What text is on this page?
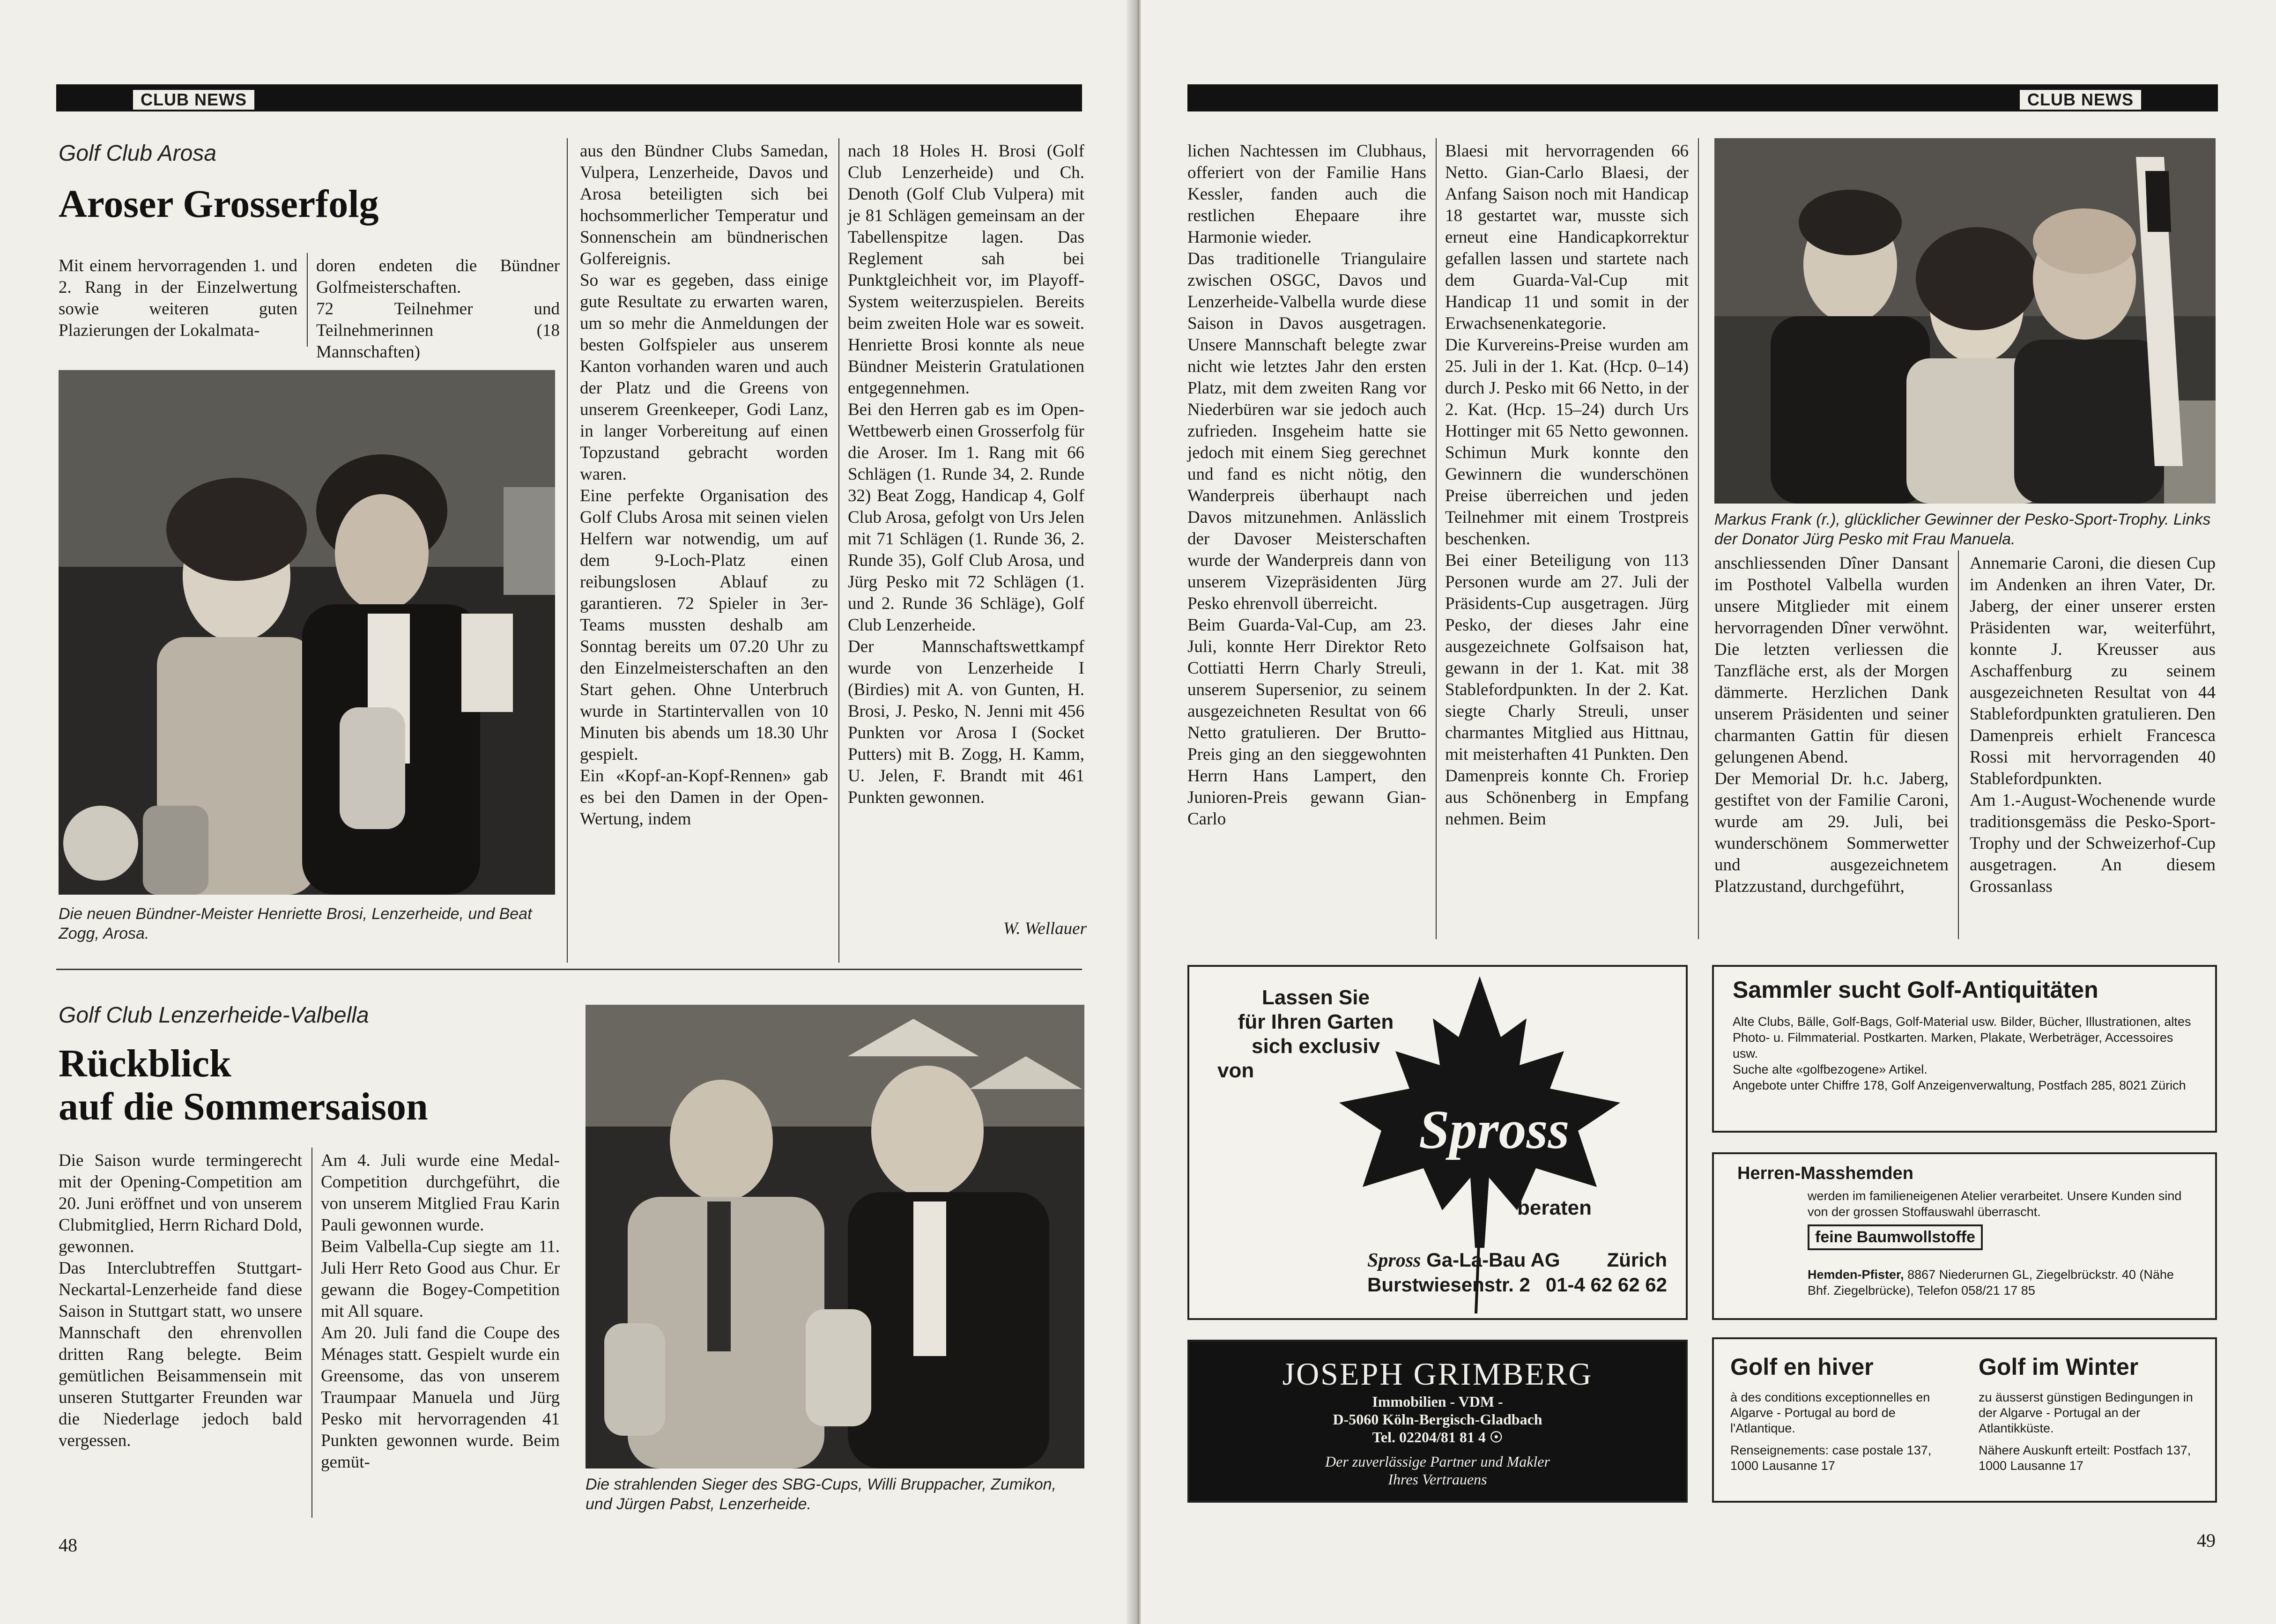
CLUB NEWS
Golf Club Arosa
Aroser Grosserfolg
Mit einem hervorragenden 1. und 2. Rang in der Einzelwertung sowie weiteren guten Plazierungen der Lokalmata-
doren endeten die Bündner Golfmeisterschaften.
72 Teilnehmer und Teilnehmerinnen (18 Mannschaften)
Die neuen Bündner-Meister Henriette Brosi, Lenzerheide, und Beat Zogg, Arosa.
aus den Bündner Clubs Samedan, Vulpera, Lenzerheide, Davos und Arosa beteiligten sich bei hochsommerlicher Temperatur und Sonnenschein am bündnerischen Golfereignis.
So war es gegeben, dass einige gute Resultate zu erwarten waren, um so mehr die Anmeldungen der besten Golfspieler aus unserem Kanton vorhanden waren und auch der Platz und die Greens von unserem Greenkeeper, Godi Lanz, in langer Vorbereitung auf einen Topzustand gebracht worden waren.
Eine perfekte Organisation des Golf Clubs Arosa mit seinen vielen Helfern war notwendig, um auf dem 9-Loch-Platz einen reibungslosen Ablauf zu garantieren. 72 Spieler in 3er-Teams mussten deshalb am Sonntag bereits um 07.20 Uhr zu den Einzelmeisterschaften an den Start gehen. Ohne Unterbruch wurde in Startintervallen von 10 Minuten bis abends um 18.30 Uhr gespielt.
Ein «Kopf-an-Kopf-Rennen» gab es bei den Damen in der Open-Wertung, indem
nach 18 Holes H. Brosi (Golf Club Lenzerheide) und Ch. Denoth (Golf Club Vulpera) mit je 81 Schlägen gemeinsam an der Tabellenspitze lagen. Das Reglement sah bei Punktgleichheit vor, im Playoff-System weiterzuspielen. Bereits beim zweiten Hole war es soweit. Henriette Brosi konnte als neue Bündner Meisterin Gratulationen entgegennehmen.
Bei den Herren gab es im Open-Wettbewerb einen Grosserfolg für die Aroser. Im 1. Rang mit 66 Schlägen (1. Runde 34, 2. Runde 32) Beat Zogg, Handicap 4, Golf Club Arosa, gefolgt von Urs Jelen mit 71 Schlägen (1. Runde 36, 2. Runde 35), Golf Club Arosa, und Jürg Pesko mit 72 Schlägen (1. und 2. Runde 36 Schläge), Golf Club Lenzerheide.
Der Mannschaftswettkampf wurde von Lenzerheide I (Birdies) mit A. von Gunten, H. Brosi, J. Pesko, N. Jenni mit 456 Punkten vor Arosa I (Socket Putters) mit B. Zogg, H. Kamm, U. Jelen, F. Brandt mit 461 Punkten gewonnen.
W. Wellauer
Golf Club Lenzerheide-Valbella
Rückblick
auf die Sommersaison
Die Saison wurde termingerecht mit der Opening-Competition am 20. Juni eröffnet und von unserem Clubmitglied, Herrn Richard Dold, gewonnen.
Das Interclubtreffen Stuttgart-Neckartal-Lenzerheide fand diese Saison in Stuttgart statt, wo unsere Mannschaft den ehrenvollen dritten Rang belegte. Beim gemütlichen Beisammensein mit unseren Stuttgarter Freunden war die Niederlage jedoch bald vergessen.
Am 4. Juli wurde eine Medal-Competition durchgeführt, die von unserem Mitglied Frau Karin Pauli gewonnen wurde.
Beim Valbella-Cup siegte am 11. Juli Herr Reto Good aus Chur. Er gewann die Bogey-Competition mit All square.
Am 20. Juli fand die Coupe des Ménages statt. Gespielt wurde ein Greensome, das von unserem Traumpaar Manuela und Jürg Pesko mit hervorragenden 41 Punkten gewonnen wurde. Beim gemüt-
Die strahlenden Sieger des SBG-Cups, Willi Bruppacher, Zumikon, und Jürgen Pabst, Lenzerheide.
48
CLUB NEWS
lichen Nachtessen im Clubhaus, offeriert von der Familie Hans Kessler, fanden auch die restlichen Ehepaare ihre Harmonie wieder.
Das traditionelle Triangulaire zwischen OSGC, Davos und Lenzerheide-Valbella wurde diese Saison in Davos ausgetragen. Unsere Mannschaft belegte zwar nicht wie letztes Jahr den ersten Platz, mit dem zweiten Rang vor Niederbüren war sie jedoch auch zufrieden. Insgeheim hatte sie jedoch mit einem Sieg gerechnet und fand es nicht nötig, den Wanderpreis überhaupt nach Davos mitzunehmen. Anlässlich der Davoser Meisterschaften wurde der Wanderpreis dann von unserem Vizepräsidenten Jürg Pesko ehrenvoll überreicht.
Beim Guarda-Val-Cup, am 23. Juli, konnte Herr Direktor Reto Cottiatti Herrn Charly Streuli, unserem Supersenior, zu seinem ausgezeichneten Resultat von 66 Netto gratulieren. Der Brutto-Preis ging an den sieggewohnten Herrn Hans Lampert, den Junioren-Preis gewann Gian-Carlo
Blaesi mit hervorragenden 66 Netto. Gian-Carlo Blaesi, der Anfang Saison noch mit Handicap 18 gestartet war, musste sich erneut eine Handicapkorrektur gefallen lassen und startete nach dem Guarda-Val-Cup mit Handicap 11 und somit in der Erwachsenenkategorie.
Die Kurvereins-Preise wurden am 25. Juli in der 1. Kat. (Hcp. 0–14) durch J. Pesko mit 66 Netto, in der 2. Kat. (Hcp. 15–24) durch Urs Hottinger mit 65 Netto gewonnen. Schimun Murk konnte den Gewinnern die wunderschönen Preise überreichen und jeden Teilnehmer mit einem Trostpreis beschenken.
Bei einer Beteiligung von 113 Personen wurde am 27. Juli der Präsidents-Cup ausgetragen. Jürg Pesko, der dieses Jahr eine ausgezeichnete Golfsaison hat, gewann in der 1. Kat. mit 38 Stablefordpunkten. In der 2. Kat. siegte Charly Streuli, unser charmantes Mitglied aus Hittnau, mit meisterhaften 41 Punkten. Den Damenpreis konnte Ch. Froriep aus Schönenberg in Empfang nehmen. Beim
Markus Frank (r.), glücklicher Gewinner der Pesko-Sport-Trophy. Links der Donator Jürg Pesko mit Frau Manuela.
anschliessenden Dîner Dansant im Posthotel Valbella wurden unsere Mitglieder mit einem hervorragenden Dîner verwöhnt. Die letzten verliessen die Tanzfläche erst, als der Morgen dämmerte. Herzlichen Dank unserem Präsidenten und seiner charmanten Gattin für diesen gelungenen Abend.
Der Memorial Dr. h.c. Jaberg, gestiftet von der Familie Caroni, wurde am 29. Juli, bei wunderschönem Sommerwetter und ausgezeichnetem Platzzustand, durchgeführt,
Annemarie Caroni, die diesen Cup im Andenken an ihren Vater, Dr. Jaberg, der einer unserer ersten Präsidenten war, weiterführt, konnte J. Kreusser aus Aschaffenburg zu seinem ausgezeichneten Resultat von 44 Stablefordpunkten gratulieren. Den Damenpreis erhielt Francesca Rossi mit hervorragenden 40 Stablefordpunkten.
Am 1.-August-Wochenende wurde traditionsgemäss die Pesko-Sport-Trophy und der Schweizerhof-Cup ausgetragen. An diesem Grossanlass
Lassen Sie
für Ihren Garten
sich exclusiv
von
Spross
beraten
Spross Ga-La-Bau AG Zürich
Burstwiesenstr. 2 01-4 62 62 62
JOSEPH GRIMBERG
Immobilien - VDM -
D-5060 Köln-Bergisch-Gladbach
Tel. 02204/81 81 4 ☉
Der zuverlässige Partner und Makler
Ihres Vertrauens
Sammler sucht Golf-Antiquitäten
Alte Clubs, Bälle, Golf-Bags, Golf-Material usw. Bilder, Bücher, Illustrationen, altes Photo- u. Filmmaterial. Postkarten. Marken, Plakate, Werbeträger, Accessoires usw.
Suche alte «golfbezogene» Artikel.
Angebote unter Chiffre 178, Golf Anzeigenverwaltung, Postfach 285, 8021 Zürich
Herren-Masshemden
werden im familieneigenen Atelier verarbeitet. Unsere Kunden sind von der grossen Stoffauswahl überrascht.
feine Baumwollstoffe
Hemden-Pfister, 8867 Niederurnen GL, Ziegelbrückstr. 40 (Nähe Bhf. Ziegelbrücke), Telefon 058/21 17 85
Golf en hiver
à des conditions exceptionnelles en Algarve - Portugal au bord de l'Atlantique.
Renseignements: case postale 137, 1000 Lausanne 17
Golf im Winter
zu äusserst günstigen Bedingungen in der Algarve - Portugal an der Atlantikküste.
Nähere Auskunft erteilt: Postfach 137, 1000 Lausanne 17
49
